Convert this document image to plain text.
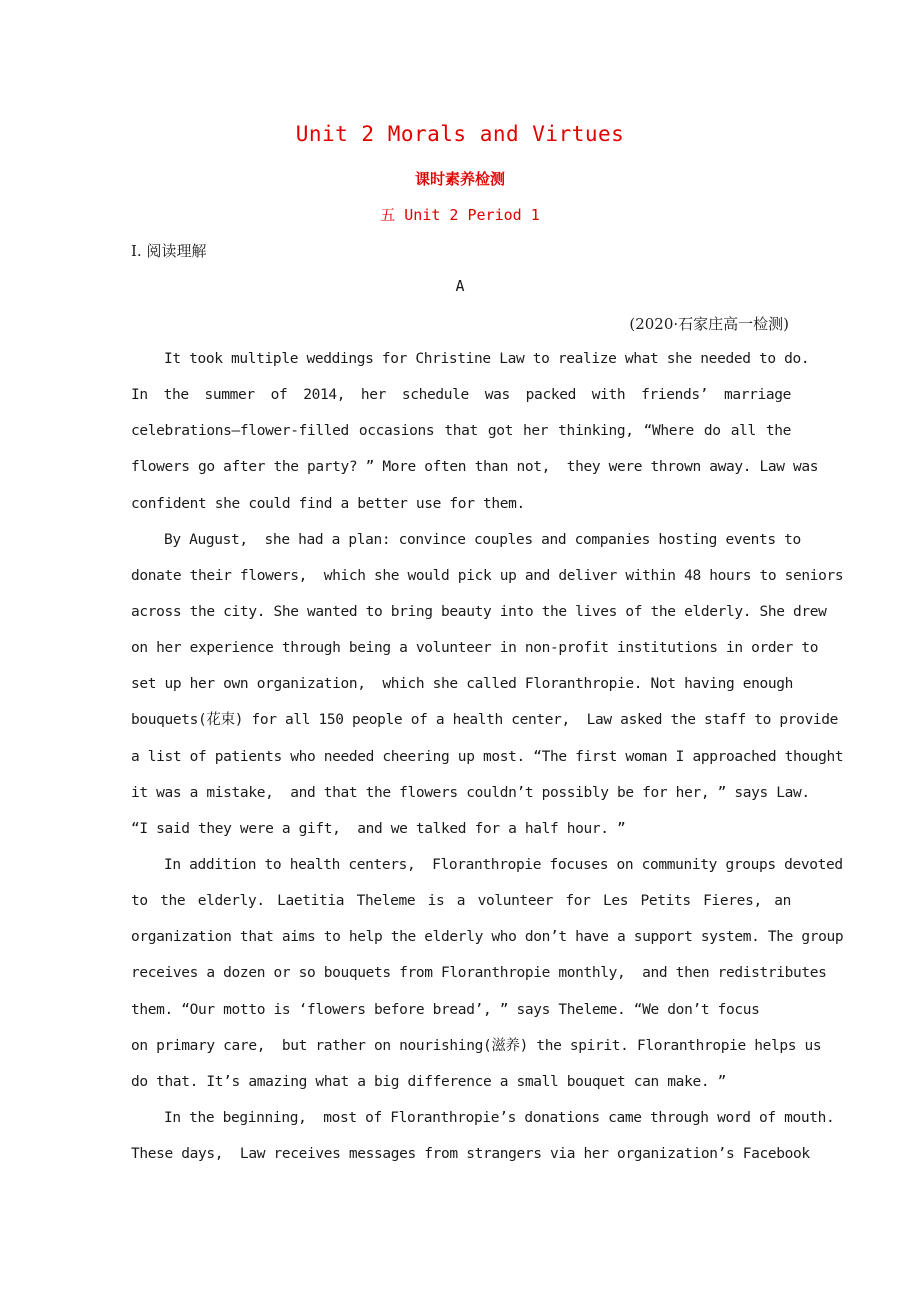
Unit 2 Morals and Virtues
课时素养检测
五 Unit 2 Period 1
Ⅰ. 阅读理解
A
(2020·石家庄高一检测)
It took multiple weddings for Christine Law to realize what she needed to do.
In the summer of 2014, her schedule was packed with friends’ marriage
celebrations—flower-filled occasions that got her thinking, “Where do all the
flowers go after the party? ” More often than not,  they were thrown away. Law was
confident she could find a better use for them.
By August,  she had a plan: convince couples and companies hosting events to
donate their flowers,  which she would pick up and deliver within 48 hours to seniors
across the city. She wanted to bring beauty into the lives of the elderly. She drew
on her experience through being a volunteer in non-profit institutions in order to
set up her own organization,  which she called Floranthropie. Not having enough
bouquets(花束) for all 150 people of a health center,  Law asked the staff to provide
a list of patients who needed cheering up most. “The first woman I approached thought
it was a mistake,  and that the flowers couldn’t possibly be for her, ” says Law.
“I said they were a gift,  and we talked for a half hour. ”
In addition to health centers,  Floranthropie focuses on community groups devoted
to the elderly. Laetitia Theleme is a volunteer for Les Petits Fieres, an
organization that aims to help the elderly who don’t have a support system. The group
receives a dozen or so bouquets from Floranthropie monthly,  and then redistributes
them. “Our motto is ‘flowers before bread’, ” says Theleme. “We don’t focus
on primary care,  but rather on nourishing(滋养) the spirit. Floranthropie helps us
do that. It’s amazing what a big difference a small bouquet can make. ”
In the beginning,  most of Floranthropie’s donations came through word of mouth.
These days,  Law receives messages from strangers via her organization’s Facebook
